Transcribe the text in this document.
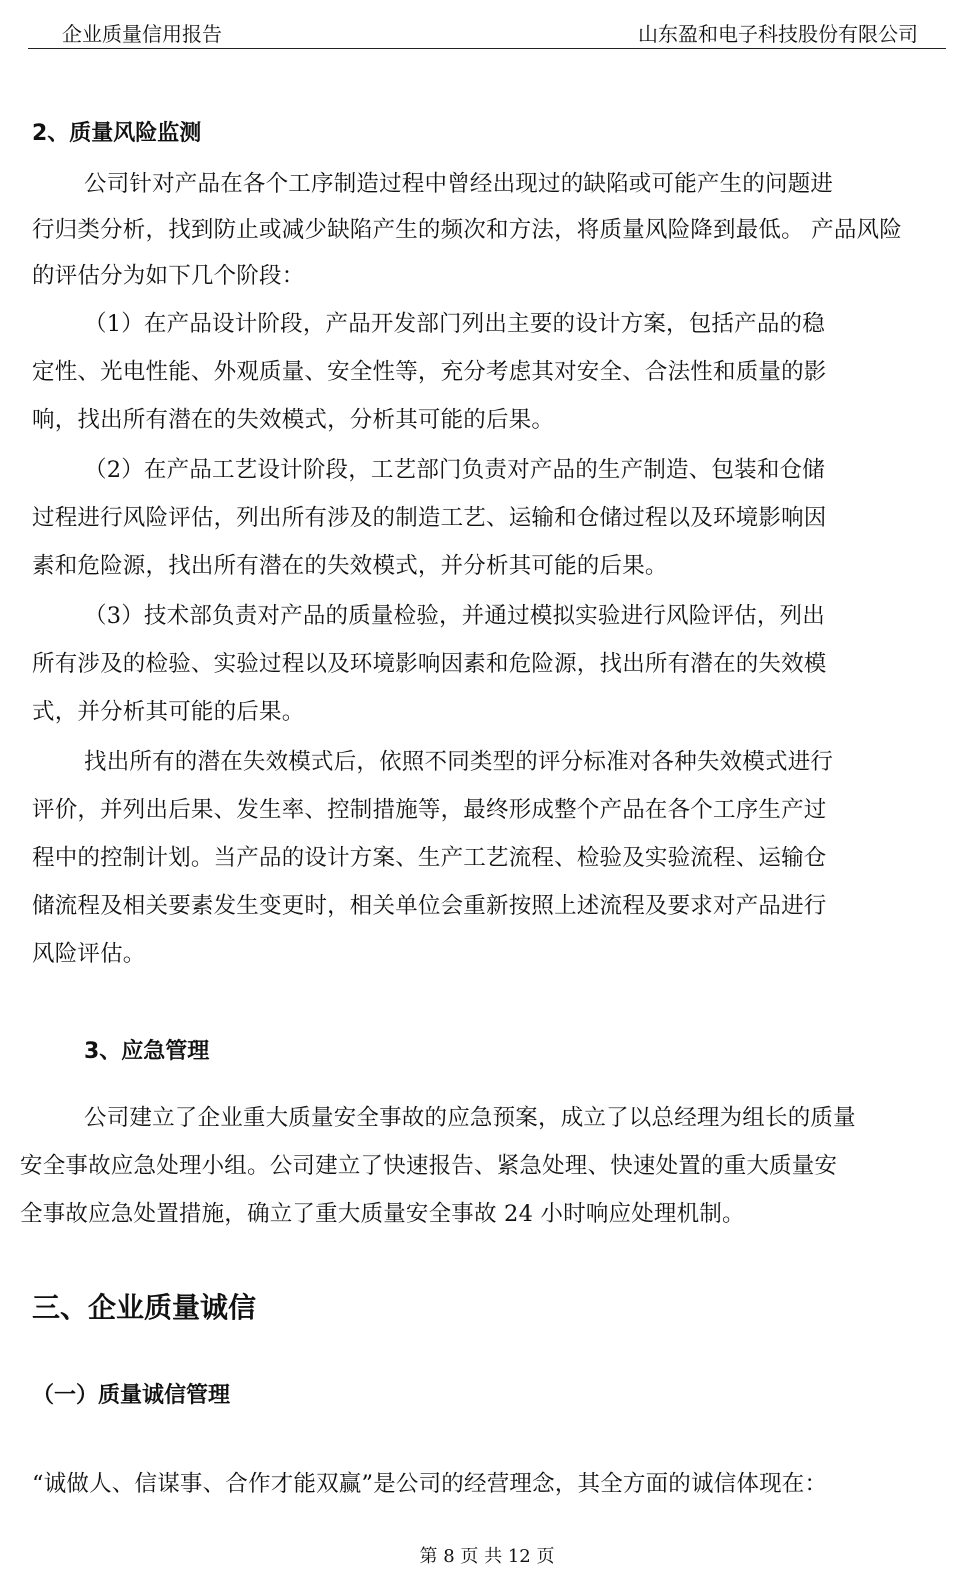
企业质量信用报告	山东盈和电子科技股份有限公司
2、质量风险监测
公司针对产品在各个工序制造过程中曾经出现过的缺陷或可能产生的问题进
行归类分析，找到防止或减少缺陷产生的频次和方法，将质量风险降到最低。 产品风险
的评估分为如下几个阶段：
（1）在产品设计阶段，产品开发部门列出主要的设计方案，包括产品的稳
定性、光电性能、外观质量、安全性等，充分考虑其对安全、合法性和质量的影
响，找出所有潜在的失效模式，分析其可能的后果。
（2）在产品工艺设计阶段，工艺部门负责对产品的生产制造、包装和仓储
过程进行风险评估，列出所有涉及的制造工艺、运输和仓储过程以及环境影响因
素和危险源，找出所有潜在的失效模式，并分析其可能的后果。
（3）技术部负责对产品的质量检验，并通过模拟实验进行风险评估，列出
所有涉及的检验、实验过程以及环境影响因素和危险源，找出所有潜在的失效模
式，并分析其可能的后果。
找出所有的潜在失效模式后，依照不同类型的评分标准对各种失效模式进行
评价，并列出后果、发生率、控制措施等，最终形成整个产品在各个工序生产过
程中的控制计划。当产品的设计方案、生产工艺流程、检验及实验流程、运输仓
储流程及相关要素发生变更时，相关单位会重新按照上述流程及要求对产品进行
风险评估。
3、应急管理
公司建立了企业重大质量安全事故的应急预案，成立了以总经理为组长的质量
安全事故应急处理小组。公司建立了快速报告、紧急处理、快速处置的重大质量安
全事故应急处置措施，确立了重大质量安全事故 24 小时响应处理机制。
三、企业质量诚信
（一）质量诚信管理
“诚做人、信谋事、合作才能双赢”是公司的经营理念，其全方面的诚信体现在：
第 8 页 共 12 页
